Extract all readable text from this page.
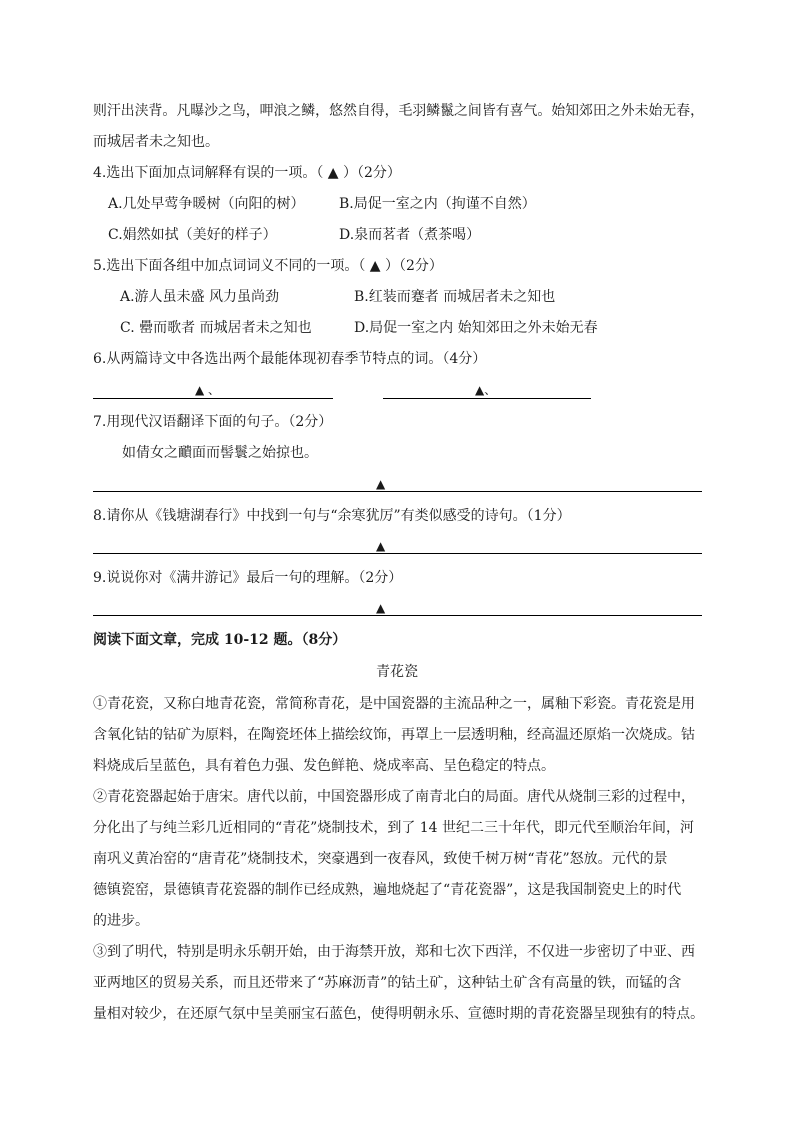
则汗出浃背。凡曝沙之鸟，呷浪之鳞，悠然自得，毛羽鳞鬣之间皆有喜气。始知郊田之外未始无春，
而城居者未之知也。
4.选出下面加点词解释有误的一项。（ ▲ ）（2分）
A.几处早莺争暖树（向阳的树） B.局促一室之内（拘谨不自然）
C.娟然如拭（美好的样子）	D.泉而茗者（煮茶喝）
5.选出下面各组中加点词词义不同的一项。（ ▲ ）（2分）
A.游人虽未盛 风力虽尚劲	B.红装而蹇者 而城居者未之知也
C. 罍而歌者 而城居者未之知也	D.局促一室之内 始知郊田之外未始无春
6.从两篇诗文中各选出两个最能体现初春季节特点的词。（4分）
▲ 、	▲、
7.用现代汉语翻译下面的句子。（2分）
如倩女之靧面而髻鬟之始掠也。
▲
8.请你从《钱塘湖春行》中找到一句与“余寒犹厉”有类似感受的诗句。（1分）
▲
9.说说你对《满井游记》最后一句的理解。（2分）
▲
阅读下面文章，完成 10-12 题。（8分）
青花瓷
①青花瓷，又称白地青花瓷，常简称青花，是中国瓷器的主流品种之一，属釉下彩瓷。青花瓷是用
含氧化钴的钴矿为原料，在陶瓷坯体上描绘纹饰，再罩上一层透明釉，经高温还原焰一次烧成。钴
料烧成后呈蓝色，具有着色力强、发色鲜艳、烧成率高、呈色稳定的特点。
②青花瓷器起始于唐宋。唐代以前，中国瓷器形成了南青北白的局面。唐代从烧制三彩的过程中，
分化出了与纯兰彩几近相同的“青花”烧制技术，到了 14 世纪二三十年代，即元代至顺治年间，河
南巩义黄冶窑的“唐青花”烧制技术，突豪遇到一夜春风，致使千树万树“青花”怒放。元代的景
德镇瓷窑，景德镇青花瓷器的制作已经成熟，遍地烧起了“青花瓷器”，这是我国制瓷史上的时代
的进步。
③到了明代，特别是明永乐朝开始，由于海禁开放，郑和七次下西洋，不仅进一步密切了中亚、西
亚两地区的贸易关系，而且还带来了“苏麻沥青”的钴土矿，这种钴土矿含有高量的铁，而锰的含
量相对较少，在还原气氛中呈美丽宝石蓝色，使得明朝永乐、宣德时期的青花瓷器呈现独有的特点。
